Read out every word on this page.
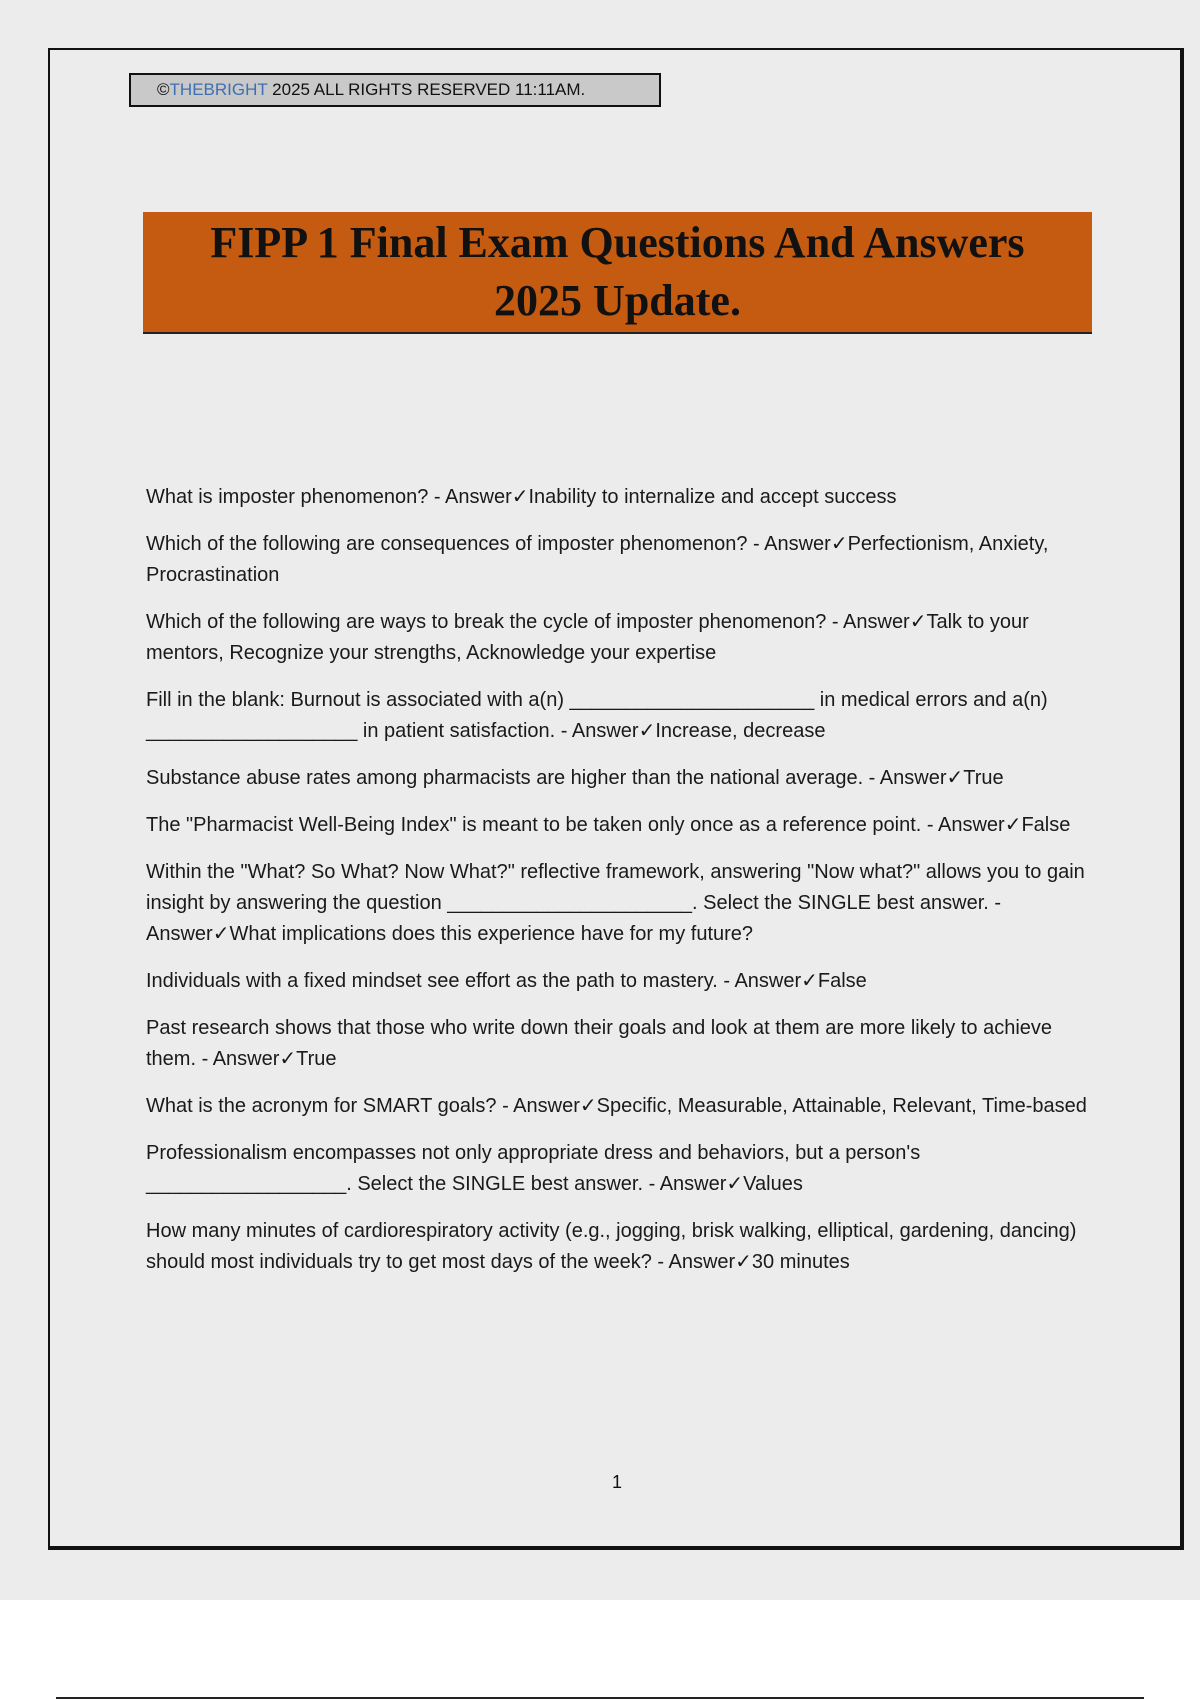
©THEBRIGHT 2025 ALL RIGHTS RESERVED 11:11AM.
FIPP 1 Final Exam Questions And Answers
2025 Update.

What is imposter phenomenon? - Answer✓Inability to internalize and accept success

Which of the following are consequences of imposter phenomenon? - Answer✓Perfectionism, Anxiety, Procrastination

Which of the following are ways to break the cycle of imposter phenomenon? - Answer✓Talk to your mentors, Recognize your strengths, Acknowledge your expertise

Fill in the blank: Burnout is associated with a(n) ______________________ in medical errors and a(n) ___________________ in patient satisfaction. - Answer✓Increase, decrease

Substance abuse rates among pharmacists are higher than the national average. - Answer✓True

The "Pharmacist Well-Being Index" is meant to be taken only once as a reference point. - Answer✓False

Within the "What? So What? Now What?" reflective framework, answering "Now what?" allows you to gain insight by answering the question ______________________. Select the SINGLE best answer. - Answer✓What implications does this experience have for my future?

Individuals with a fixed mindset see effort as the path to mastery. - Answer✓False

Past research shows that those who write down their goals and look at them are more likely to achieve them. - Answer✓True

What is the acronym for SMART goals? - Answer✓Specific, Measurable, Attainable, Relevant, Time-based

Professionalism encompasses not only appropriate dress and behaviors, but a person's __________________. Select the SINGLE best answer. - Answer✓Values

How many minutes of cardiorespiratory activity (e.g., jogging, brisk walking, elliptical, gardening, dancing) should most individuals try to get most days of the week? - Answer✓30 minutes

1
